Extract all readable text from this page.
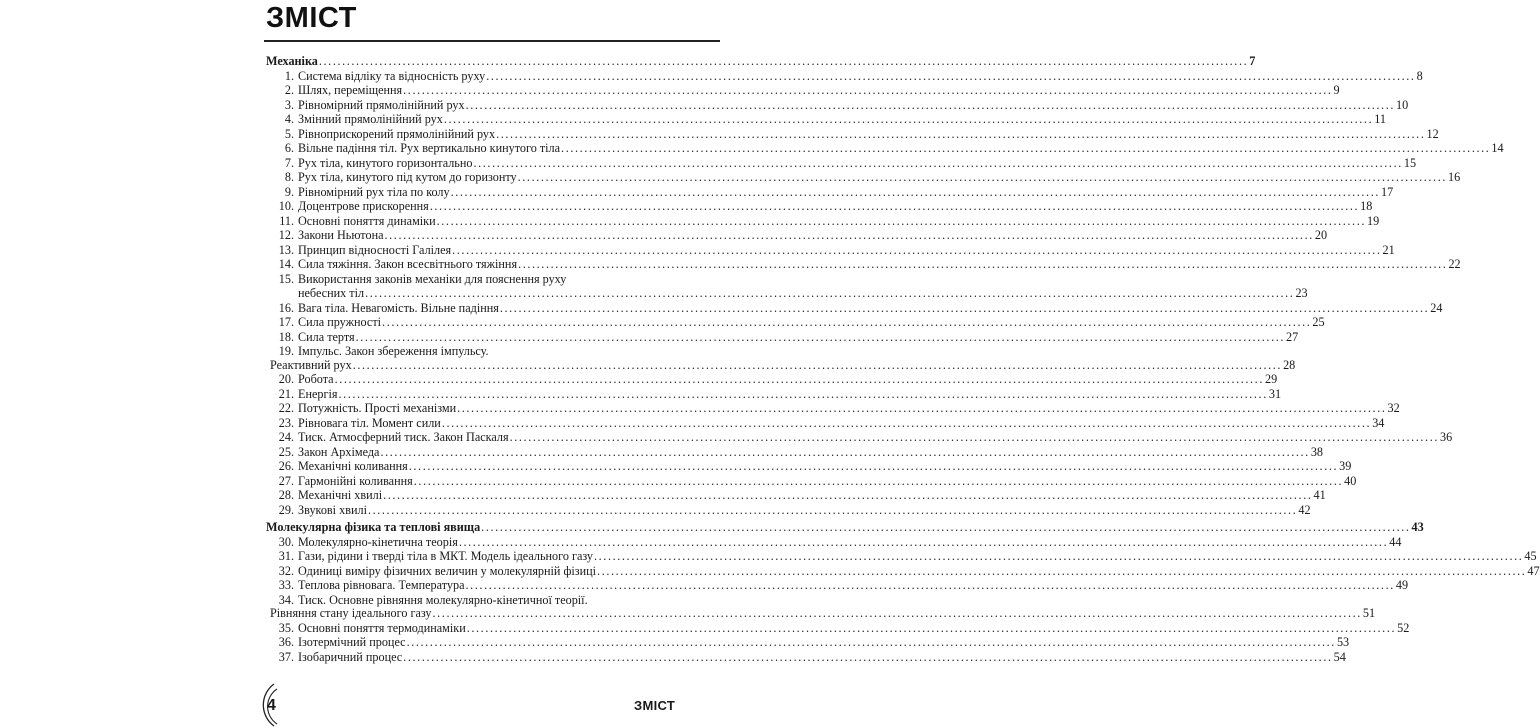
ЗМІСТ
Механіка ........................................................................................................................................................................................................ 7
1. Система відліку та відносність руху ........................................................................................................................................................................................................ 8
2. Шлях, переміщення ........................................................................................................................................................................................................ 9
3. Рівномірний прямолінійний рух ........................................................................................................................................................................................................ 10
4. Змінний прямолінійний рух ........................................................................................................................................................................................................ 11
5. Рівноприскорений прямолінійний рух ........................................................................................................................................................................................................ 12
6. Вільне падіння тіл. Рух вертикально кинутого тіла ........................................................................................................................................................................................................ 14
7. Рух тіла, кинутого горизонтально ........................................................................................................................................................................................................ 15
8. Рух тіла, кинутого під кутом до горизонту ........................................................................................................................................................................................................ 16
9. Рівномірний рух тіла по колу ........................................................................................................................................................................................................ 17
10. Доцентрове прискорення ........................................................................................................................................................................................................ 18
11. Основні поняття динаміки ........................................................................................................................................................................................................ 19
12. Закони Ньютона ........................................................................................................................................................................................................ 20
13. Принцип відносності Галілея ........................................................................................................................................................................................................ 21
14. Сила тяжіння. Закон всесвітнього тяжіння ........................................................................................................................................................................................................ 22
15. Використання законів механіки для пояснення руху
небесних тіл ........................................................................................................................................................................................................ 23
16. Вага тіла. Невагомість. Вільне падіння ........................................................................................................................................................................................................ 24
17. Сила пружності ........................................................................................................................................................................................................ 25
18. Сила тертя ........................................................................................................................................................................................................ 27
19. Імпульс. Закон збереження імпульсу.
Реактивний рух ........................................................................................................................................................................................................ 28
20. Робота ........................................................................................................................................................................................................ 29
21. Енергія ........................................................................................................................................................................................................ 31
22. Потужність. Прості механізми ........................................................................................................................................................................................................ 32
23. Рівновага тіл. Момент сили ........................................................................................................................................................................................................ 34
24. Тиск. Атмосферний тиск. Закон Паскаля ........................................................................................................................................................................................................ 36
25. Закон Архімеда ........................................................................................................................................................................................................ 38
26. Механічні коливання ........................................................................................................................................................................................................ 39
27. Гармонійні коливання ........................................................................................................................................................................................................ 40
28. Механічні хвилі ........................................................................................................................................................................................................ 41
29. Звукові хвилі ........................................................................................................................................................................................................ 42
Молекулярна фізика та теплові явища ........................................................................................................................................................................................................ 43
30. Молекулярно-кінетична теорія ........................................................................................................................................................................................................ 44
31. Гази, рідини і тверді тіла в МКТ. Модель ідеального газу ........................................................................................................................................................................................................ 45
32. Одиниці виміру фізичних величин у молекулярній фізиці ........................................................................................................................................................................................................ 47
33. Теплова рівновага. Температура ........................................................................................................................................................................................................ 49
34. Тиск. Основне рівняння молекулярно-кінетичної теорії.
Рівняння стану ідеального газу ........................................................................................................................................................................................................ 51
35. Основні поняття термодинаміки ........................................................................................................................................................................................................ 52
36. Ізотермічний процес ........................................................................................................................................................................................................ 53
37. Ізобаричний процес ........................................................................................................................................................................................................ 54
4	ЗМІСТ
